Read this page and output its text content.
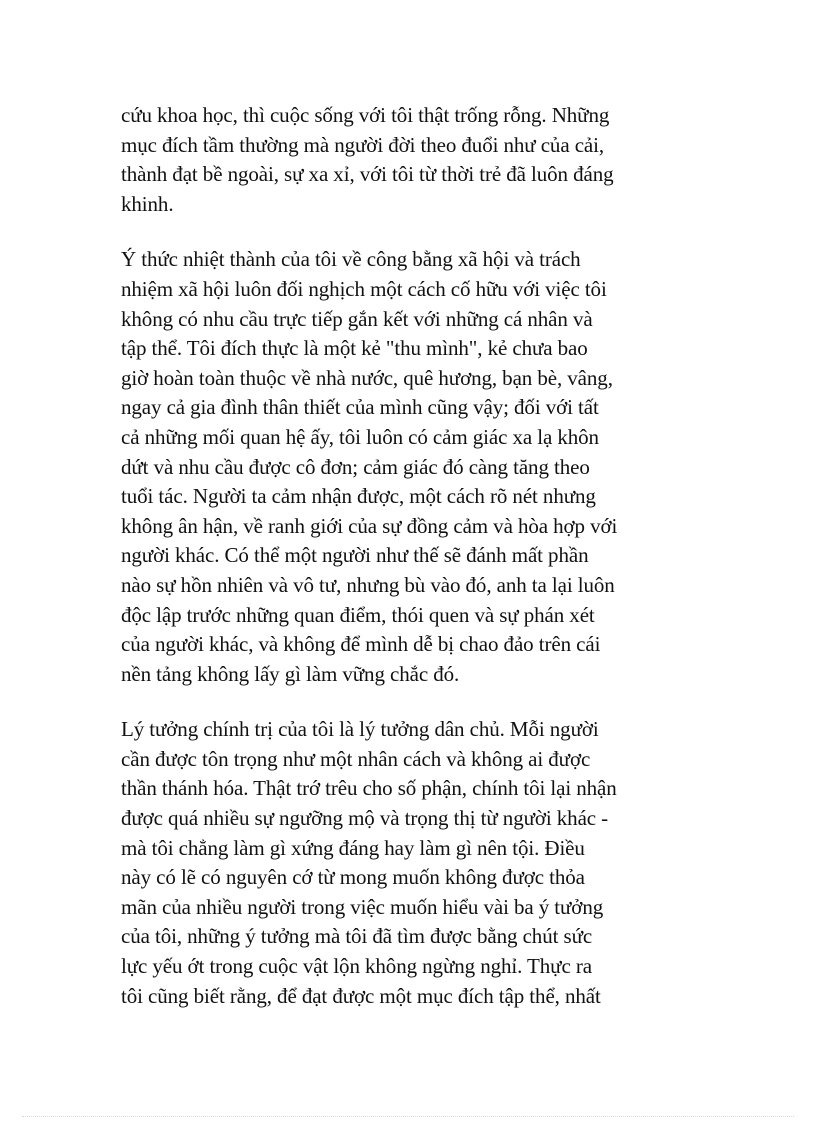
cứu khoa học, thì cuộc sống với tôi thật trống rỗng. Những
mục đích tầm thường mà người đời theo đuổi như của cải,
thành đạt bề ngoài, sự xa xỉ, với tôi từ thời trẻ đã luôn đáng
khinh.

Ý thức nhiệt thành của tôi về công bằng xã hội và trách
nhiệm xã hội luôn đối nghịch một cách cố hữu với việc tôi
không có nhu cầu trực tiếp gắn kết với những cá nhân và
tập thể. Tôi đích thực là một kẻ "thu mình", kẻ chưa bao
giờ hoàn toàn thuộc về nhà nước, quê hương, bạn bè, vâng,
ngay cả gia đình thân thiết của mình cũng vậy; đối với tất
cả những mối quan hệ ấy, tôi luôn có cảm giác xa lạ khôn
dứt và nhu cầu được cô đơn; cảm giác đó càng tăng theo
tuổi tác. Người ta cảm nhận được, một cách rõ nét nhưng
không ân hận, về ranh giới của sự đồng cảm và hòa hợp với
người khác. Có thể một người như thế sẽ đánh mất phần
nào sự hồn nhiên và vô tư, nhưng bù vào đó, anh ta lại luôn
độc lập trước những quan điểm, thói quen và sự phán xét
của người khác, và không để mình dễ bị chao đảo trên cái
nền tảng không lấy gì làm vững chắc đó.

Lý tưởng chính trị của tôi là lý tưởng dân chủ. Mỗi người
cần được tôn trọng như một nhân cách và không ai được
thần thánh hóa. Thật trớ trêu cho số phận, chính tôi lại nhận
được quá nhiều sự ngưỡng mộ và trọng thị từ người khác -
mà tôi chẳng làm gì xứng đáng hay làm gì nên tội. Điều
này có lẽ có nguyên cớ từ mong muốn không được thỏa
mãn của nhiều người trong việc muốn hiểu vài ba ý tưởng
của tôi, những ý tưởng mà tôi đã tìm được bằng chút sức
lực yếu ớt trong cuộc vật lộn không ngừng nghỉ. Thực ra
tôi cũng biết rằng, để đạt được một mục đích tập thể, nhất
